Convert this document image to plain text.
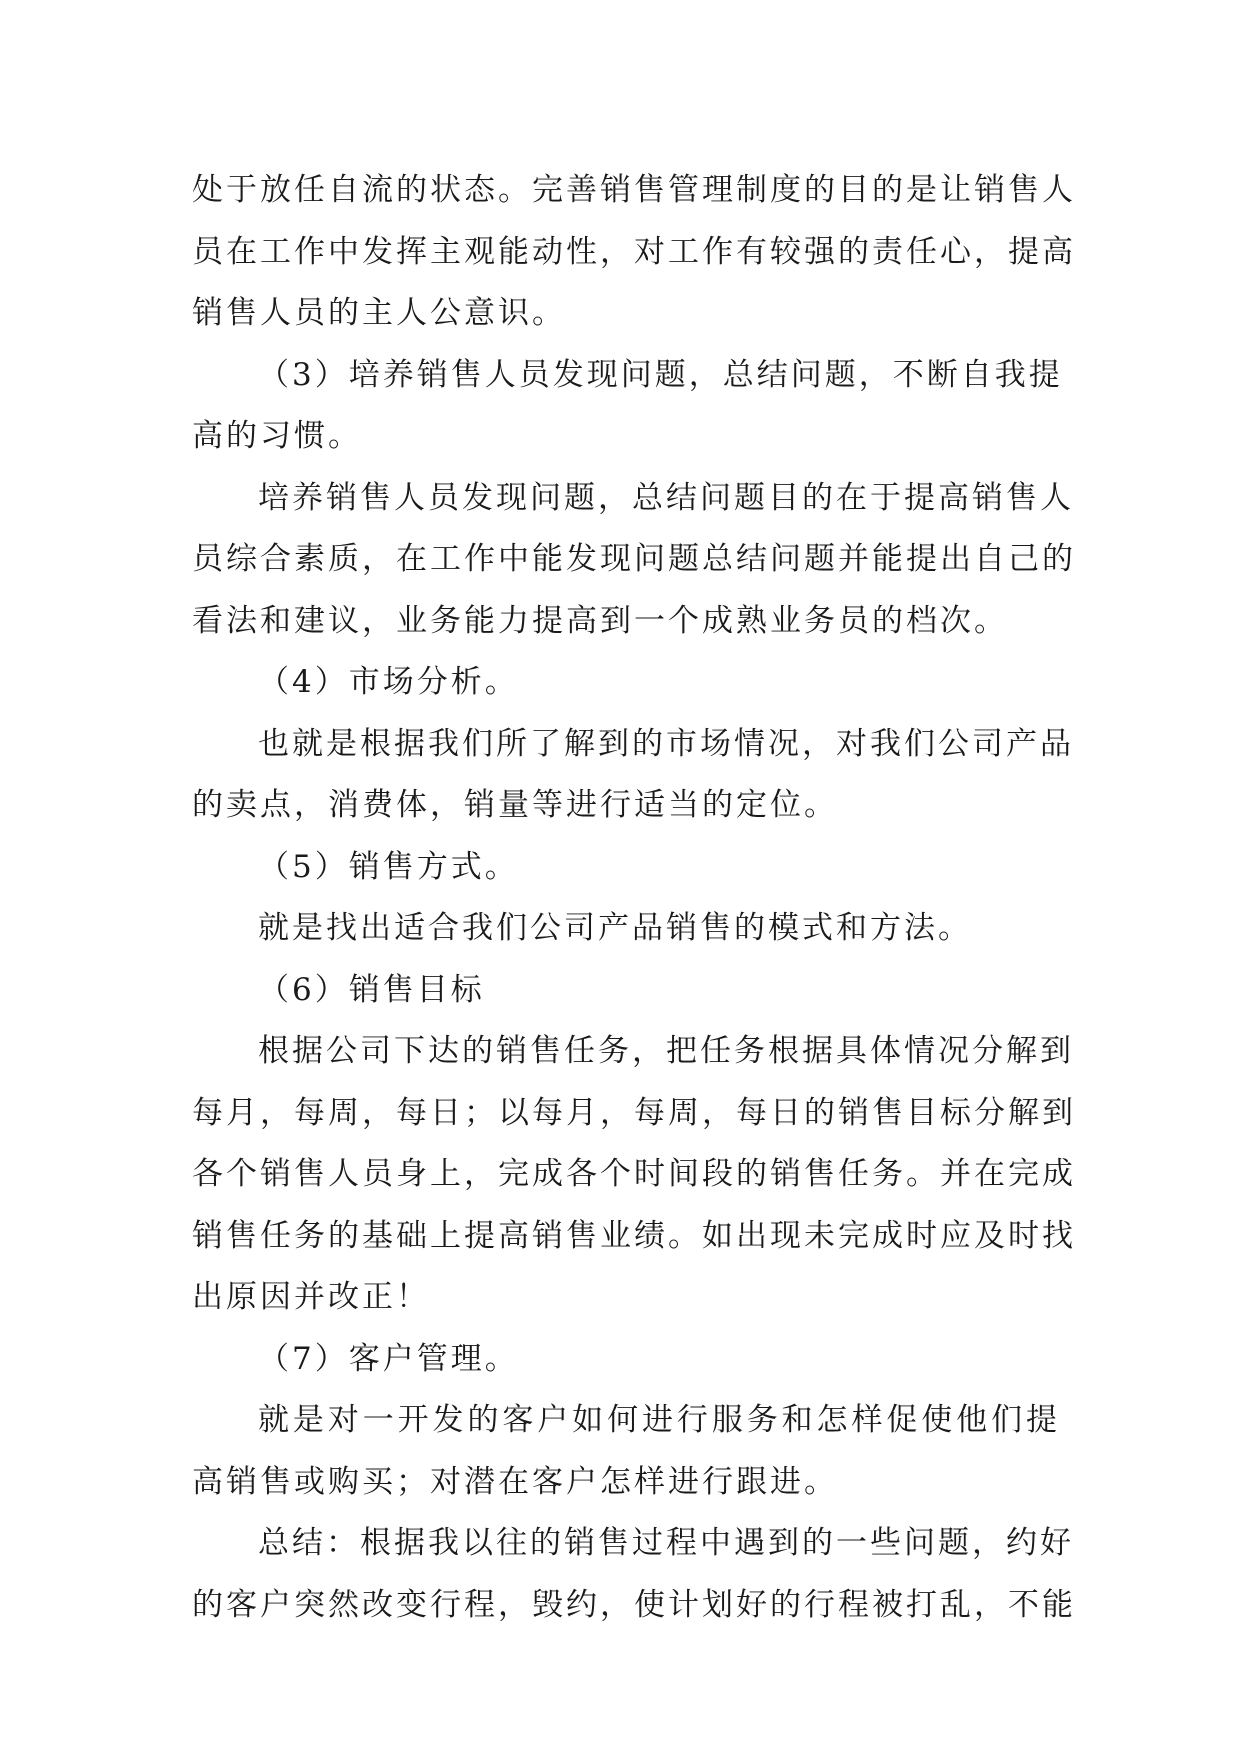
处于放任自流的状态。完善销售管理制度的目的是让销售人
员在工作中发挥主观能动性，对工作有较强的责任心，提高
销售人员的主人公意识。
（3）培养销售人员发现问题，总结问题，不断自我提
高的习惯。
培养销售人员发现问题，总结问题目的在于提高销售人
员综合素质，在工作中能发现问题总结问题并能提出自己的
看法和建议，业务能力提高到一个成熟业务员的档次。
（4）市场分析。
也就是根据我们所了解到的市场情况，对我们公司产品
的卖点，消费体，销量等进行适当的定位。
（5）销售方式。
就是找出适合我们公司产品销售的模式和方法。
（6）销售目标
根据公司下达的销售任务，把任务根据具体情况分解到
每月，每周，每日；以每月，每周，每日的销售目标分解到
各个销售人员身上，完成各个时间段的销售任务。并在完成
销售任务的基础上提高销售业绩。如出现未完成时应及时找
出原因并改正！
（7）客户管理。
就是对一开发的客户如何进行服务和怎样促使他们提
高销售或购买；对潜在客户怎样进行跟进。
总结：根据我以往的销售过程中遇到的一些问题，约好
的客户突然改变行程，毁约，使计划好的行程被打乱，不能
